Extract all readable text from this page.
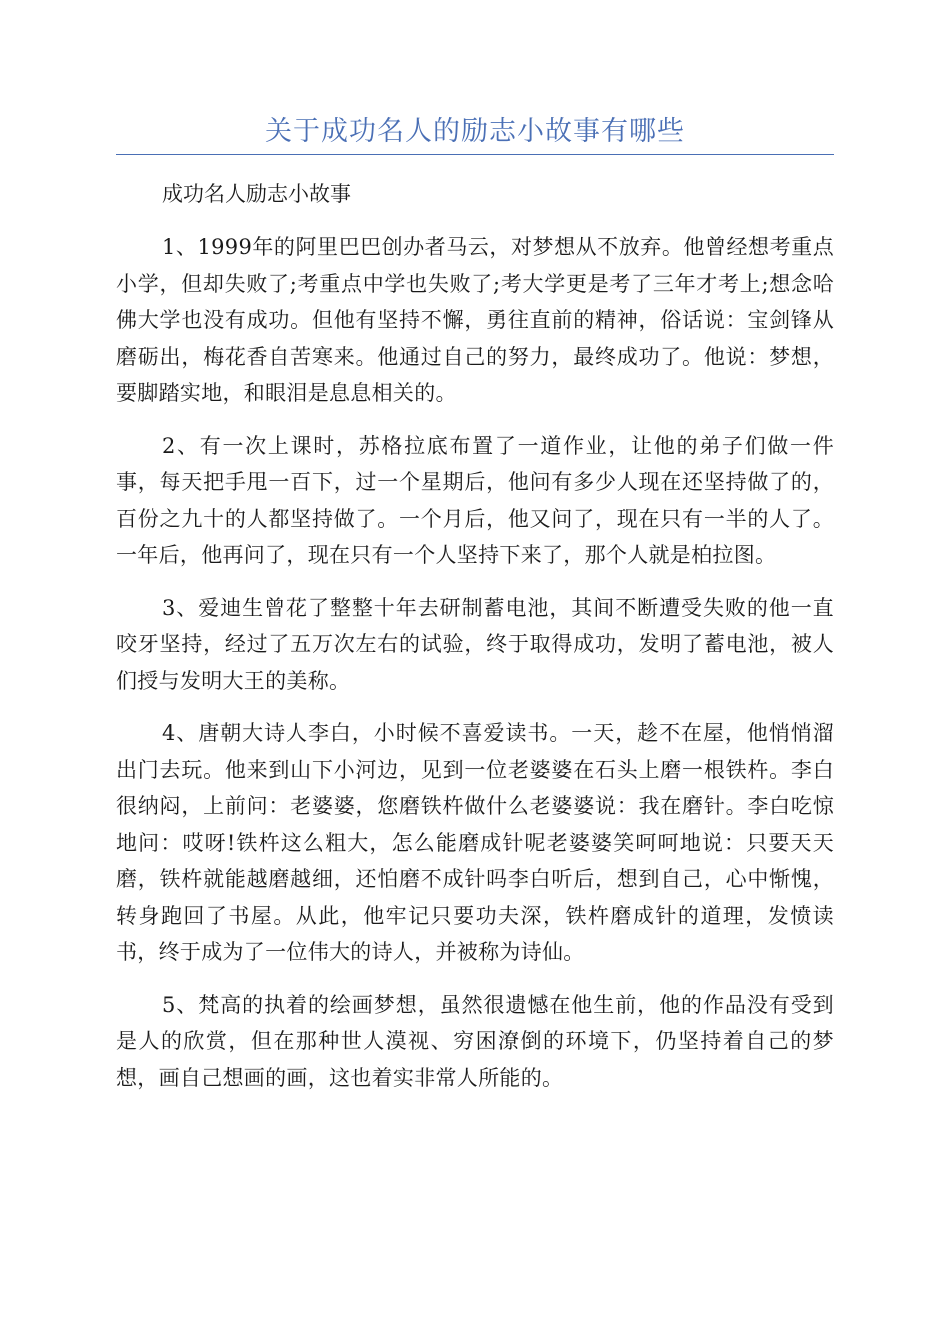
关于成功名人的励志小故事有哪些

成功名人励志小故事

1、1999年的阿里巴巴创办者马云，对梦想从不放弃。他曾经想考重点小学，但却失败了;考重点中学也失败了;考大学更是考了三年才考上;想念哈佛大学也没有成功。但他有坚持不懈，勇往直前的精神，俗话说：宝剑锋从磨砺出，梅花香自苦寒来。他通过自己的努力，最终成功了。他说：梦想，要脚踏实地，和眼泪是息息相关的。

2、有一次上课时，苏格拉底布置了一道作业，让他的弟子们做一件事，每天把手甩一百下，过一个星期后，他问有多少人现在还坚持做了的，百份之九十的人都坚持做了。一个月后，他又问了，现在只有一半的人了。一年后，他再问了，现在只有一个人坚持下来了，那个人就是柏拉图。

3、爱迪生曾花了整整十年去研制蓄电池，其间不断遭受失败的他一直咬牙坚持，经过了五万次左右的试验，终于取得成功，发明了蓄电池，被人们授与发明大王的美称。

4、唐朝大诗人李白，小时候不喜爱读书。一天，趁不在屋，他悄悄溜出门去玩。他来到山下小河边，见到一位老婆婆在石头上磨一根铁杵。李白很纳闷，上前问：老婆婆，您磨铁杵做什么老婆婆说：我在磨针。李白吃惊地问：哎呀!铁杵这么粗大，怎么能磨成针呢老婆婆笑呵呵地说：只要天天磨，铁杵就能越磨越细，还怕磨不成针吗李白听后，想到自己，心中惭愧，转身跑回了书屋。从此，他牢记只要功夫深，铁杵磨成针的道理，发愤读书，终于成为了一位伟大的诗人，并被称为诗仙。

5、梵高的执着的绘画梦想，虽然很遗憾在他生前，他的作品没有受到是人的欣赏，但在那种世人漠视、穷困潦倒的环境下，仍坚持着自己的梦想，画自己想画的画，这也着实非常人所能的。
